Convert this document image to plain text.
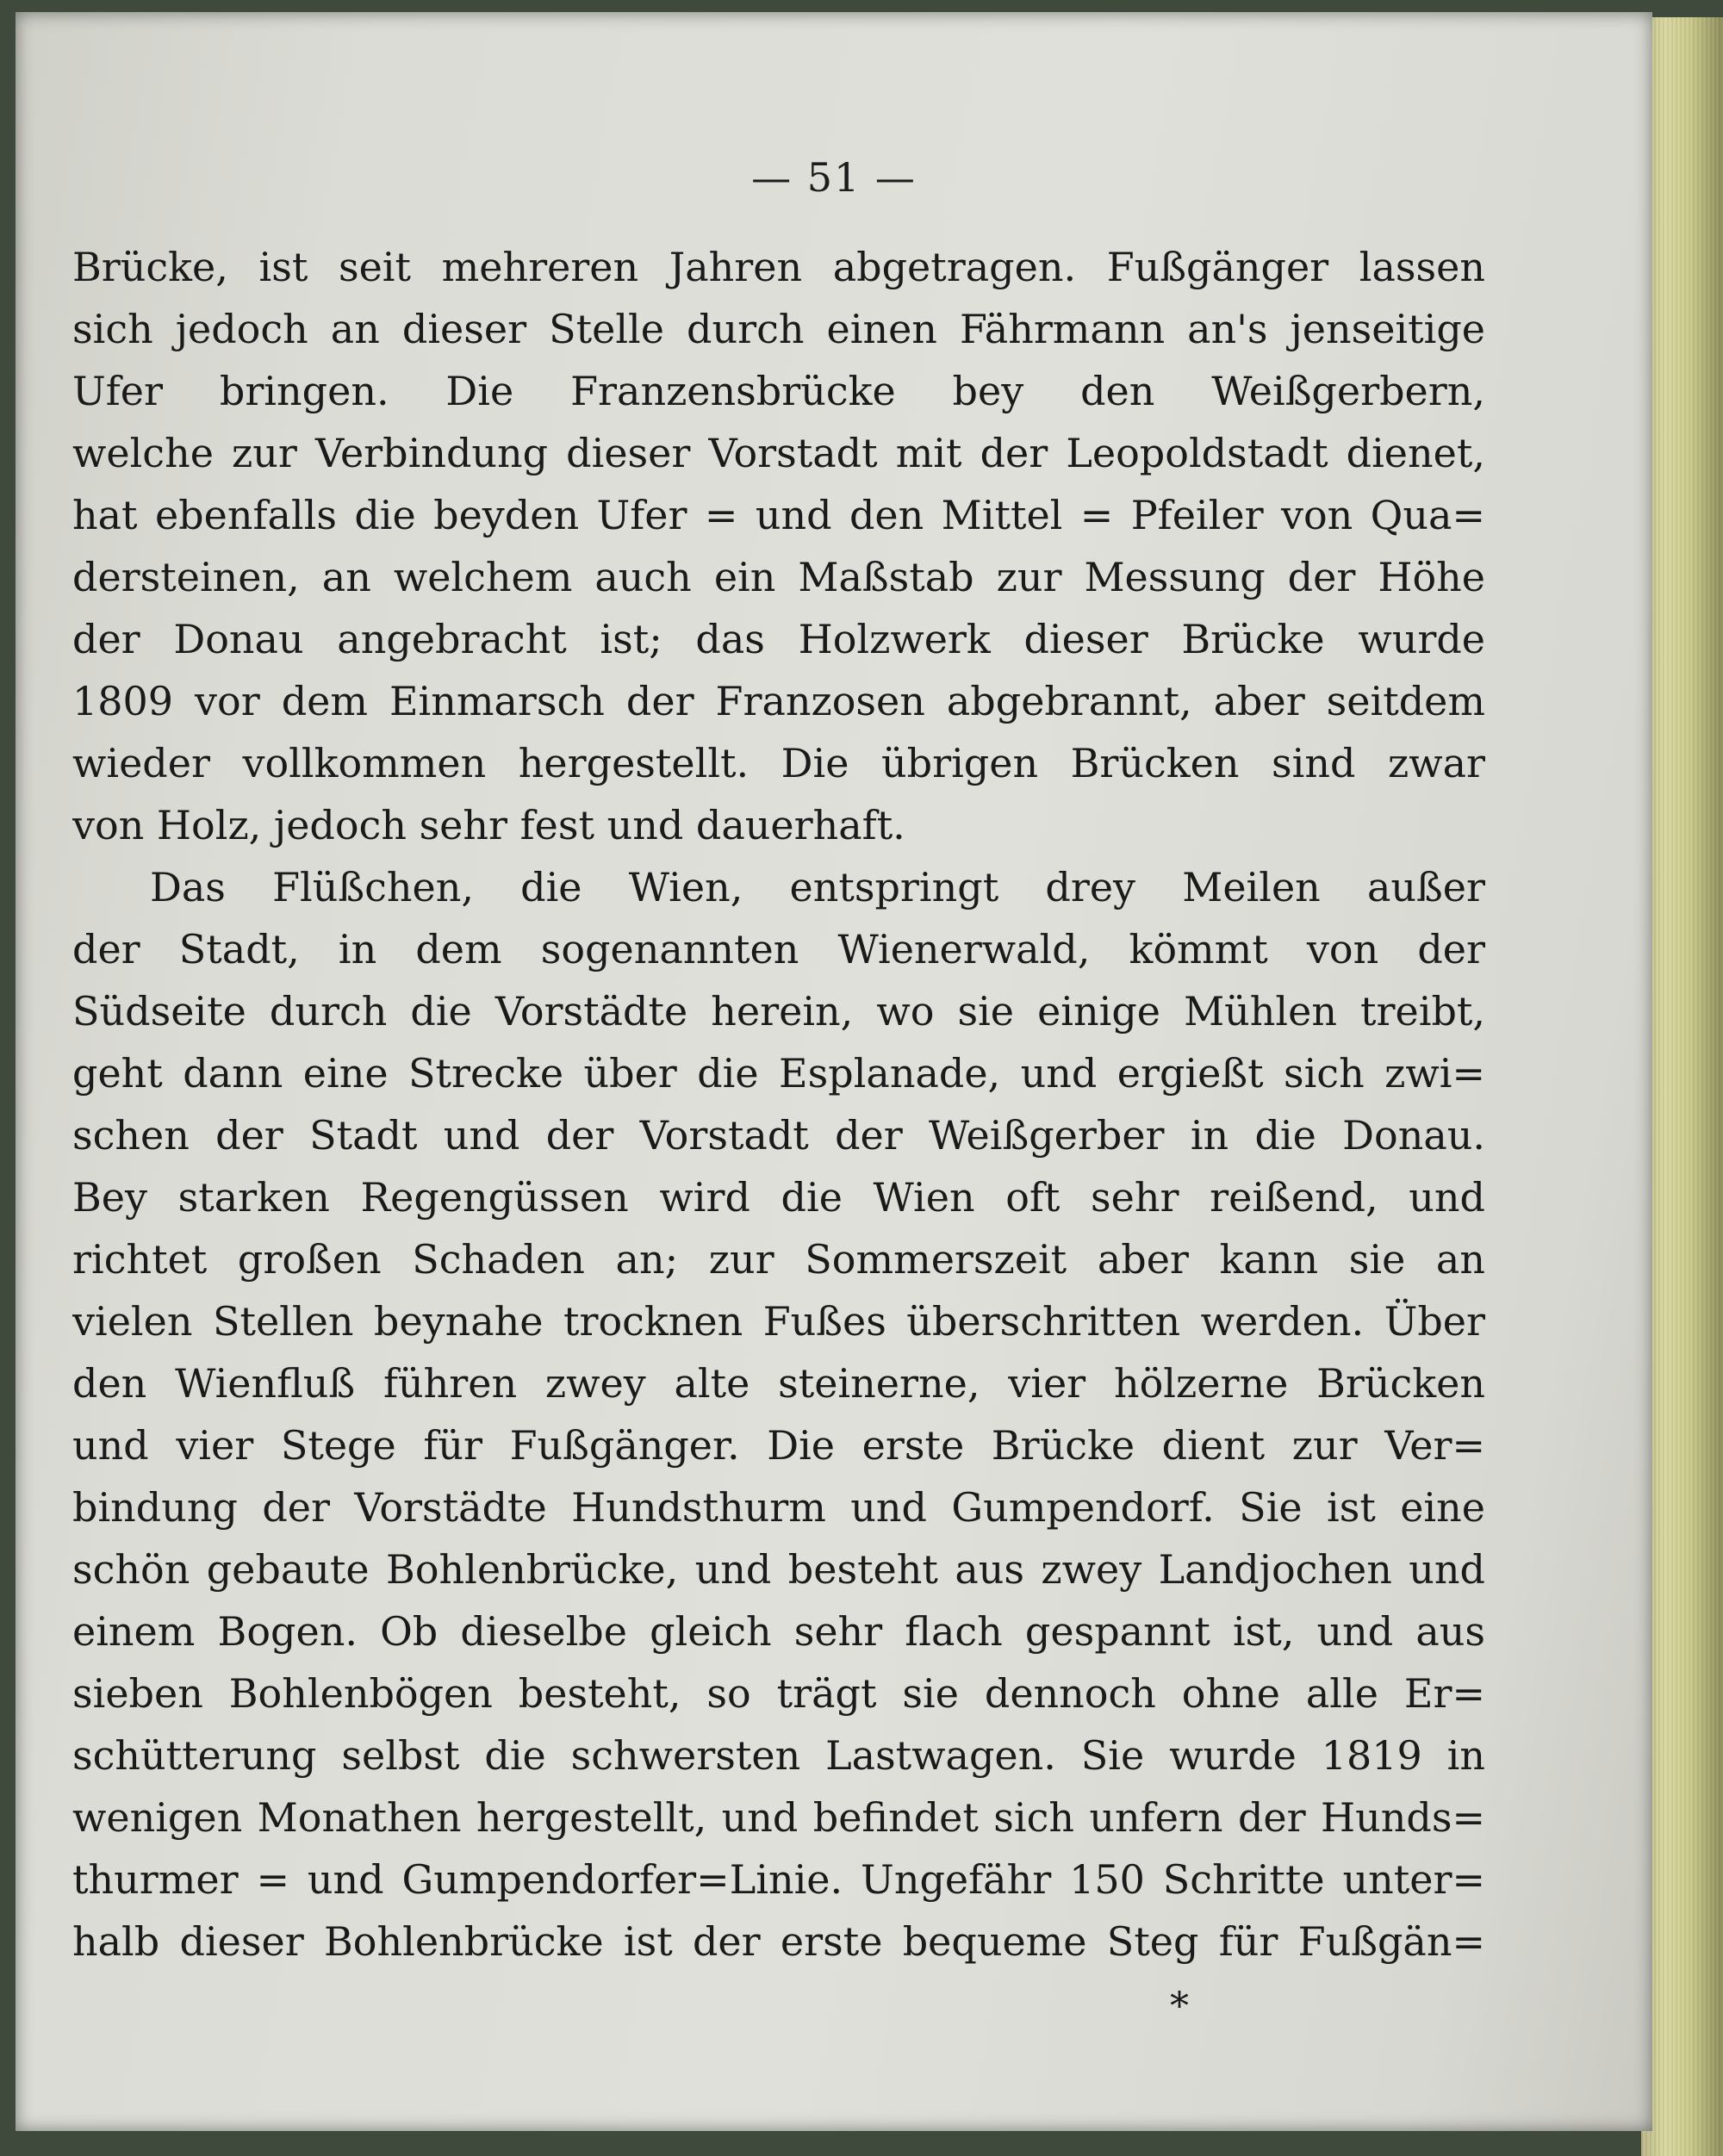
— 51 —
Brücke, ist seit mehreren Jahren abgetragen. Fußgänger lassen
sich jedoch an dieser Stelle durch einen Fährmann an's jenseitige
Ufer bringen. Die Franzensbrücke bey den Weißgerbern,
welche zur Verbindung dieser Vorstadt mit der Leopoldstadt dienet,
hat ebenfalls die beyden Ufer = und den Mittel = Pfeiler von Qua=
dersteinen, an welchem auch ein Maßstab zur Messung der Höhe
der Donau angebracht ist; das Holzwerk dieser Brücke wurde
1809 vor dem Einmarsch der Franzosen abgebrannt, aber seitdem
wieder vollkommen hergestellt. Die übrigen Brücken sind zwar
von Holz, jedoch sehr fest und dauerhaft.
Das Flüßchen, die Wien, entspringt drey Meilen außer
der Stadt, in dem sogenannten Wienerwald, kömmt von der
Südseite durch die Vorstädte herein, wo sie einige Mühlen treibt,
geht dann eine Strecke über die Esplanade, und ergießt sich zwi=
schen der Stadt und der Vorstadt der Weißgerber in die Donau.
Bey starken Regengüssen wird die Wien oft sehr reißend, und
richtet großen Schaden an; zur Sommerszeit aber kann sie an
vielen Stellen beynahe trocknen Fußes überschritten werden. Über
den Wienfluß führen zwey alte steinerne, vier hölzerne Brücken
und vier Stege für Fußgänger. Die erste Brücke dient zur Ver=
bindung der Vorstädte Hundsthurm und Gumpendorf. Sie ist eine
schön gebaute Bohlenbrücke, und besteht aus zwey Landjochen und
einem Bogen. Ob dieselbe gleich sehr flach gespannt ist, und aus
sieben Bohlenbögen besteht, so trägt sie dennoch ohne alle Er=
schütterung selbst die schwersten Lastwagen. Sie wurde 1819 in
wenigen Monathen hergestellt, und befindet sich unfern der Hunds=
thurmer = und Gumpendorfer=Linie. Ungefähr 150 Schritte unter=
halb dieser Bohlenbrücke ist der erste bequeme Steg für Fußgän=
*
